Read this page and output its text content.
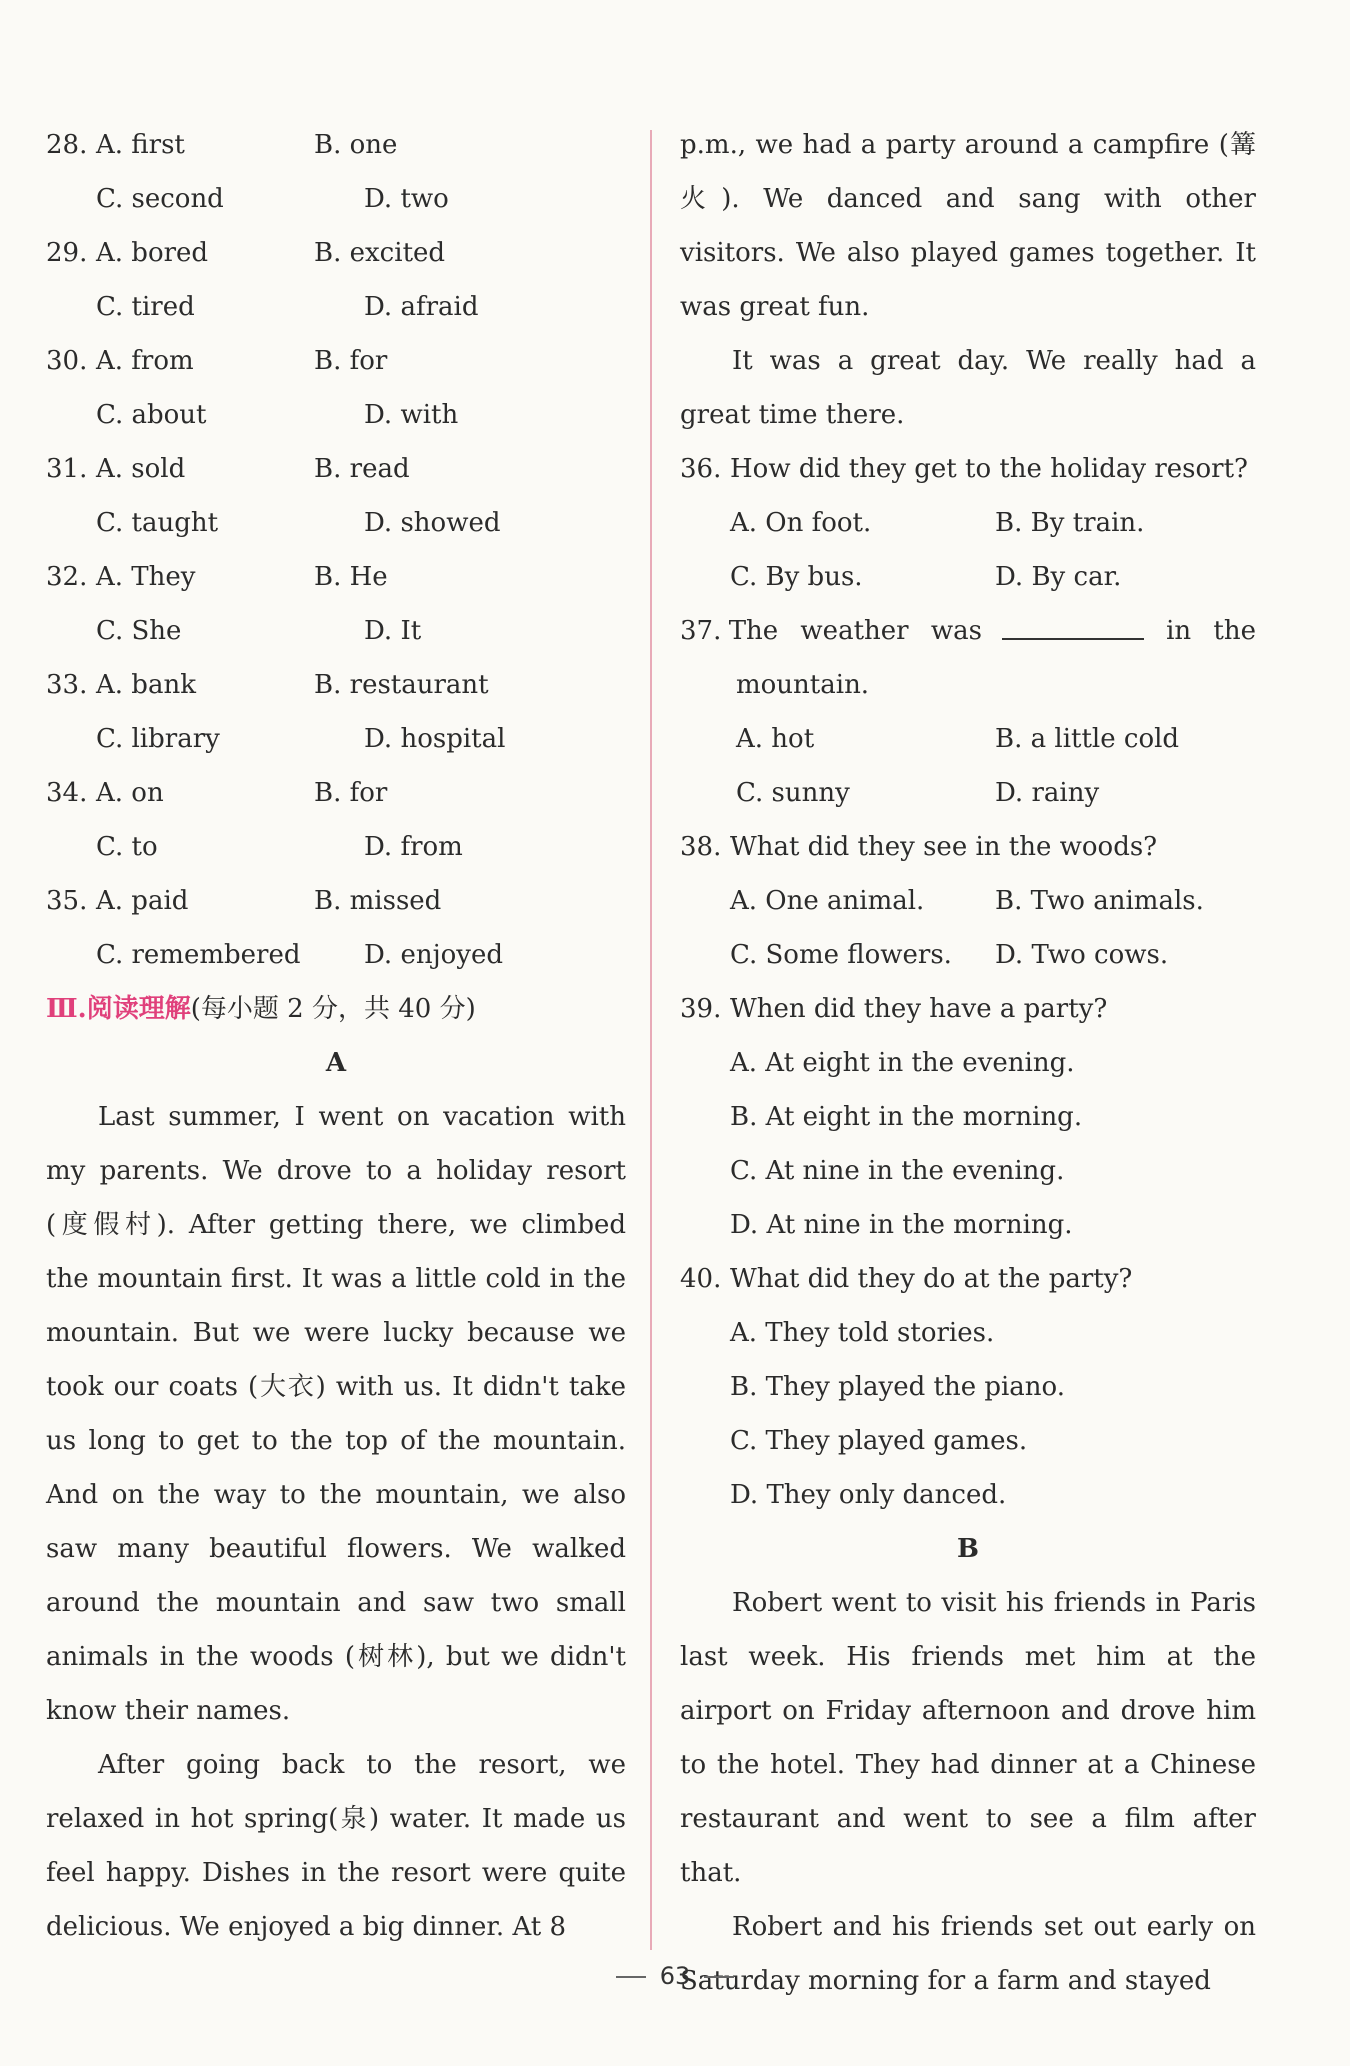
28. A. first	B. one
C. second	D. two
29. A. bored	B. excited
C. tired	D. afraid
30. A. from	B. for
C. about	D. with
31. A. sold	B. read
C. taught	D. showed
32. A. They	B. He
C. She	D. It
33. A. bank	B. restaurant
C. library	D. hospital
34. A. on	B. for
C. to	D. from
35. A. paid	B. missed
C. remembered	D. enjoyed
Ⅲ.阅读理解(每小题 2 分，共 40 分)
A

Last summer, I went on vacation with my parents. We drove to a holiday resort (度假村). After getting there, we climbed the mountain first. It was a little cold in the mountain. But we were lucky because we took our coats (大衣) with us. It didn't take us long to get to the top of the mountain. And on the way to the mountain, we also saw many beautiful flowers. We walked around the mountain and saw two small animals in the woods (树林), but we didn't know their names.

After going back to the resort, we relaxed in hot spring(泉) water. It made us feel happy. Dishes in the resort were quite delicious. We enjoyed a big dinner. At 8

p.m., we had a party around a campfire (篝火). We danced and sang with other visitors. We also played games together. It was great fun.

It was a great day. We really had a great time there.

36. How did they get to the holiday resort?
A. On foot.	B. By train.
C. By bus.	D. By car.
37. The weather was	in the
mountain.
A. hot	B. a little cold
C. sunny	D. rainy
38. What did they see in the woods?
A. One animal.	B. Two animals.
C. Some flowers.	D. Two cows.
39. When did they have a party?
A. At eight in the evening.
B. At eight in the morning.
C. At nine in the evening.
D. At nine in the morning.
40. What did they do at the party?
A. They told stories.
B. They played the piano.
C. They played games.
D. They only danced.
B

Robert went to visit his friends in Paris last week. His friends met him at the airport on Friday afternoon and drove him to the hotel. They had dinner at a Chinese restaurant and went to see a film after that.

Robert and his friends set out early on Saturday morning for a farm and stayed

63
